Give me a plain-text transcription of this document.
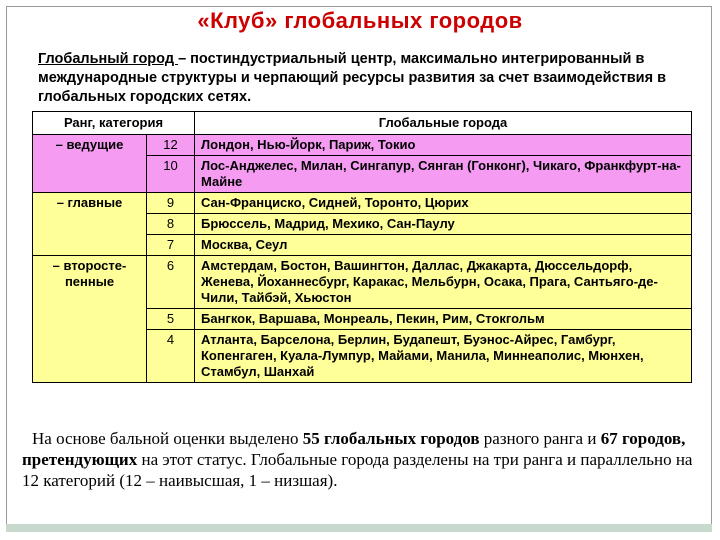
«Клуб» глобальных городов
Глобальный город – постиндустриальный центр, максимально интегрированный в международные структуры и черпающий ресурсы развития за счет взаимодействия в глобальных городских сетях.
Ранг, категория		Глобальные города
– ведущие	12	Лондон, Нью-Йорк, Париж, Токио
	10	Лос-Анджелес, Милан, Сингапур, Сянган (Гонконг), Чикаго, Франкфурт-на-Майне
– главные	9	Сан-Франциско, Сидней, Торонто, Цюрих
	8	Брюссель, Мадрид, Мехико, Сан-Паулу
	7	Москва, Сеул
– второсте-пенные	6	Амстердам, Бостон, Вашингтон, Даллас, Джакарта, Дюссельдорф, Женева, Йоханнесбург, Каракас, Мельбурн, Осака, Прага, Сантьяго-де-Чили, Тайбэй, Хьюстон
	5	Бангкок, Варшава, Монреаль, Пекин, Рим, Стокгольм
	4	Атланта, Барселона, Берлин, Будапешт, Буэнос-Айрес, Гамбург, Копенгаген, Куала-Лумпур, Майами, Манила, Миннеаполис, Мюнхен, Стамбул, Шанхай
На основе бальной оценки выделено 55 глобальных городов разного ранга и 67 городов, претендующих на этот статус. Глобальные города разделены на три ранга и параллельно на 12 категорий (12 – наивысшая, 1 – низшая).
